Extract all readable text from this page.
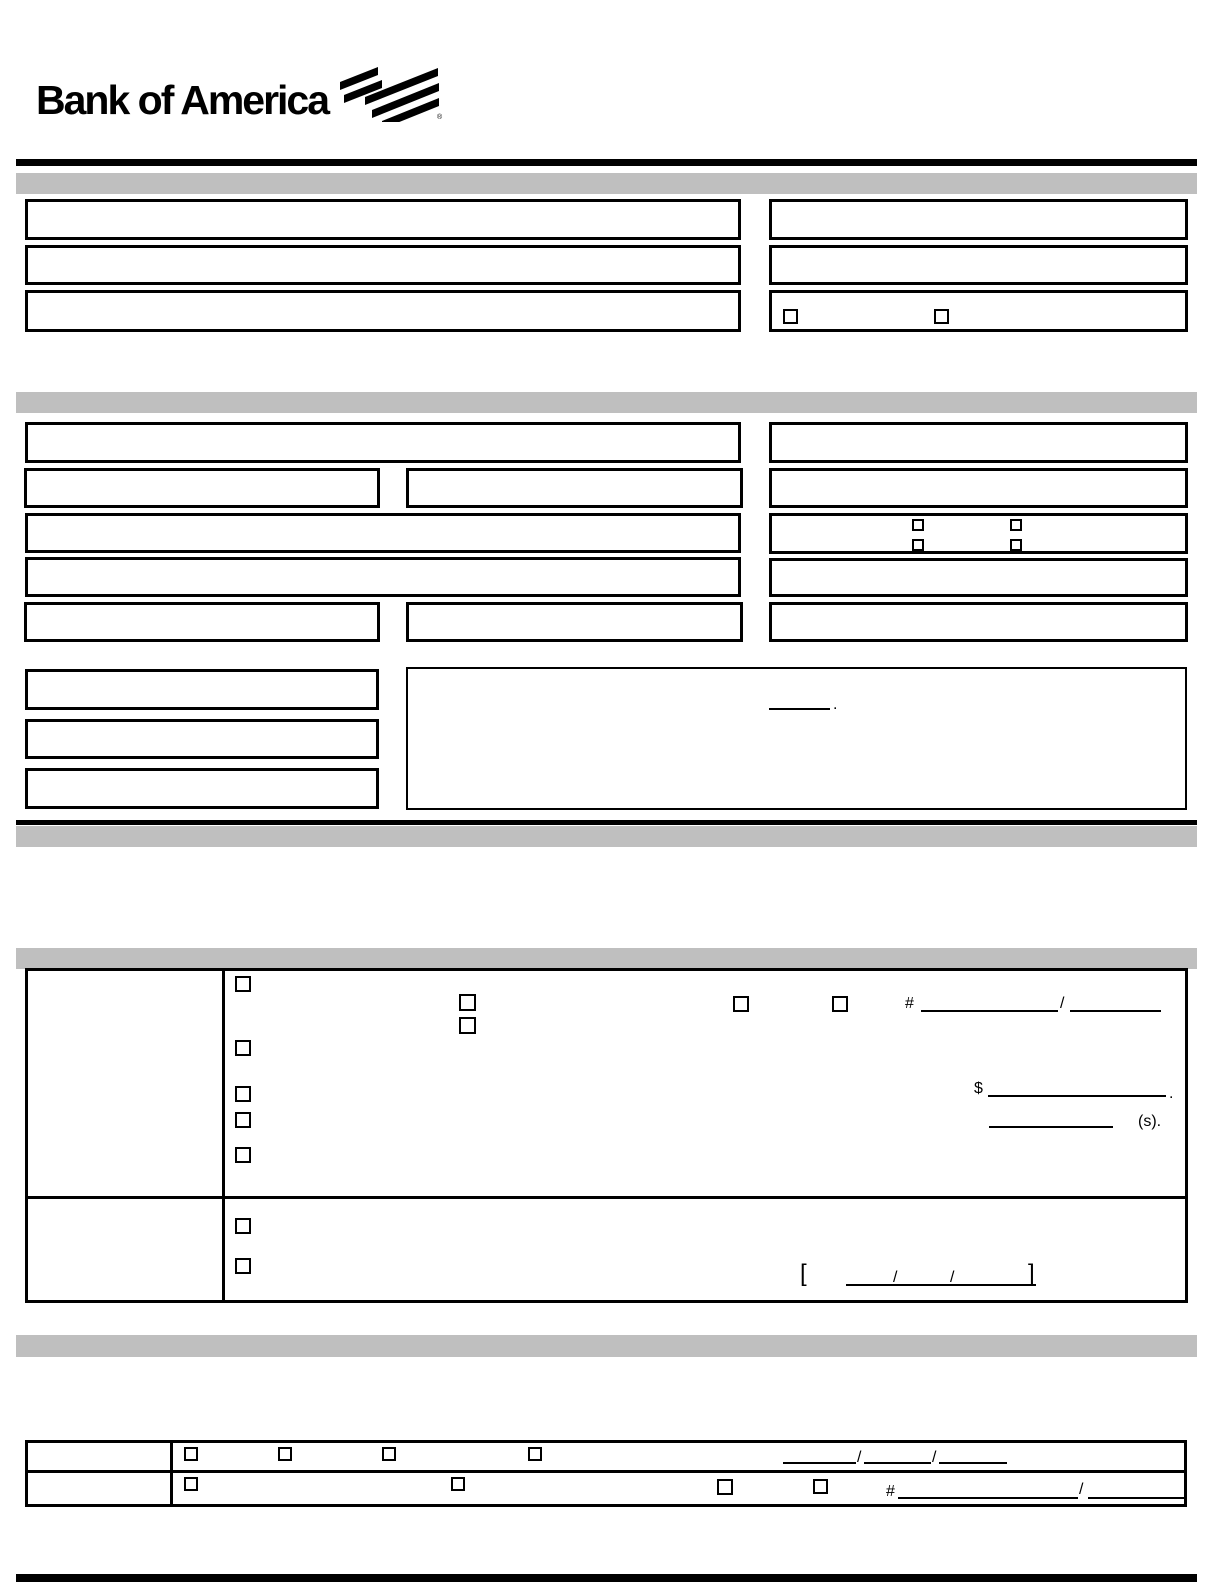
Bank of America	®
.
#	/
$	.
(s).
[	/	/	]
/	/
#	/
